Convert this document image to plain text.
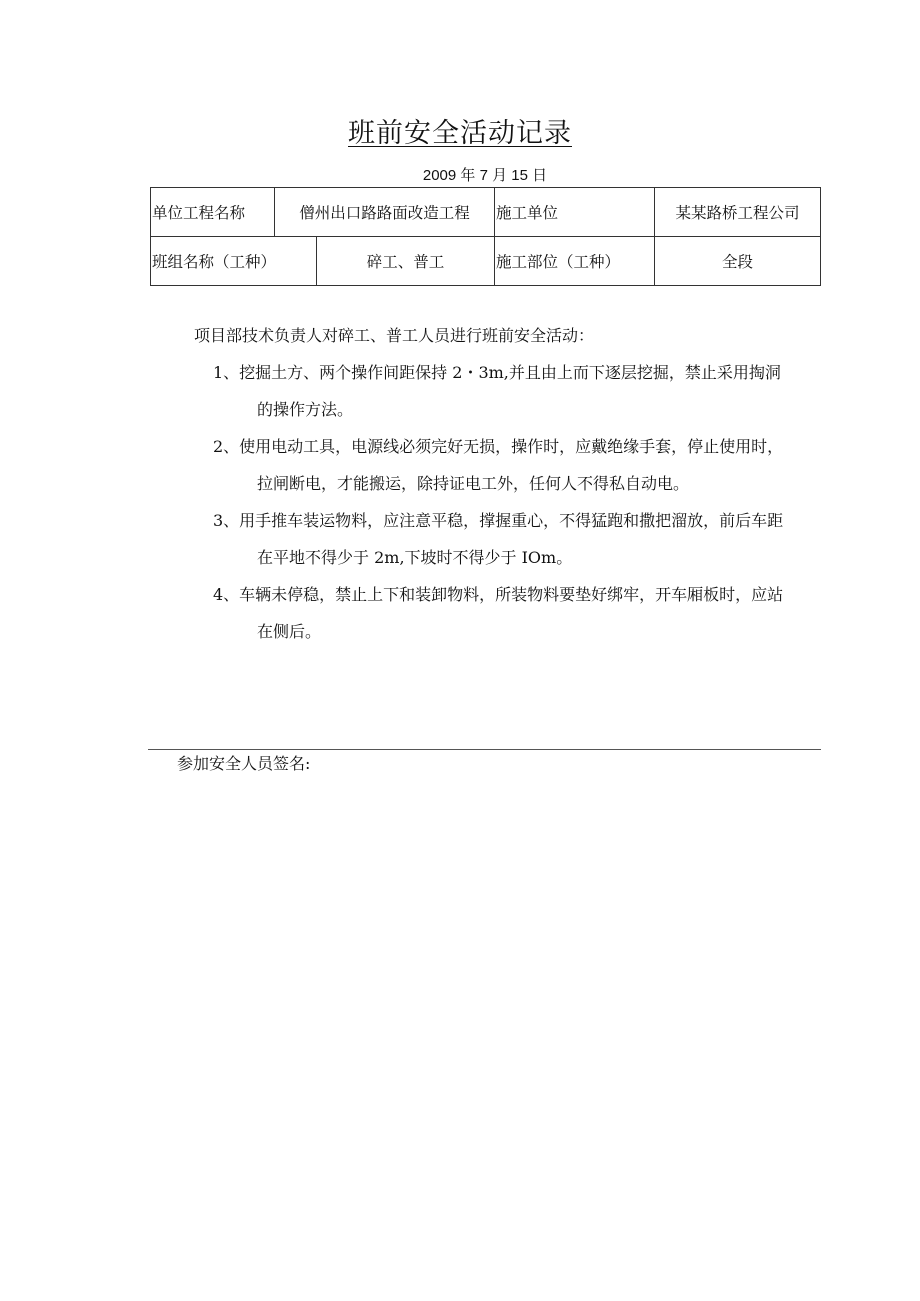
班前安全活动记录
2009 年 7 月 15 日
单位工程名称	僧州出口路路面改造工程		施工单位	某某路桥工程公司
班组名称（工种）		碎工、普工	施工部位（工种）	全段
项目部技术负责人对碎工、普工人员进行班前安全活动：
1、挖掘土方、两个操作间距保持 2・3m,并且由上而下逐层挖掘，禁止采用掏洞
的操作方法。
2、使用电动工具，电源线必须完好无损，操作时，应戴绝缘手套，停止使用时，
拉闸断电，才能搬运，除持证电工外，任何人不得私自动电。
3、用手推车装运物料，应注意平稳，撑握重心，不得猛跑和撒把溜放，前后车距
在平地不得少于 2m,下坡时不得少于 IOm。
4、车辆未停稳，禁止上下和装卸物料，所装物料要垫好绑牢，开车厢板时，应站
在侧后。
参加安全人员签名:
